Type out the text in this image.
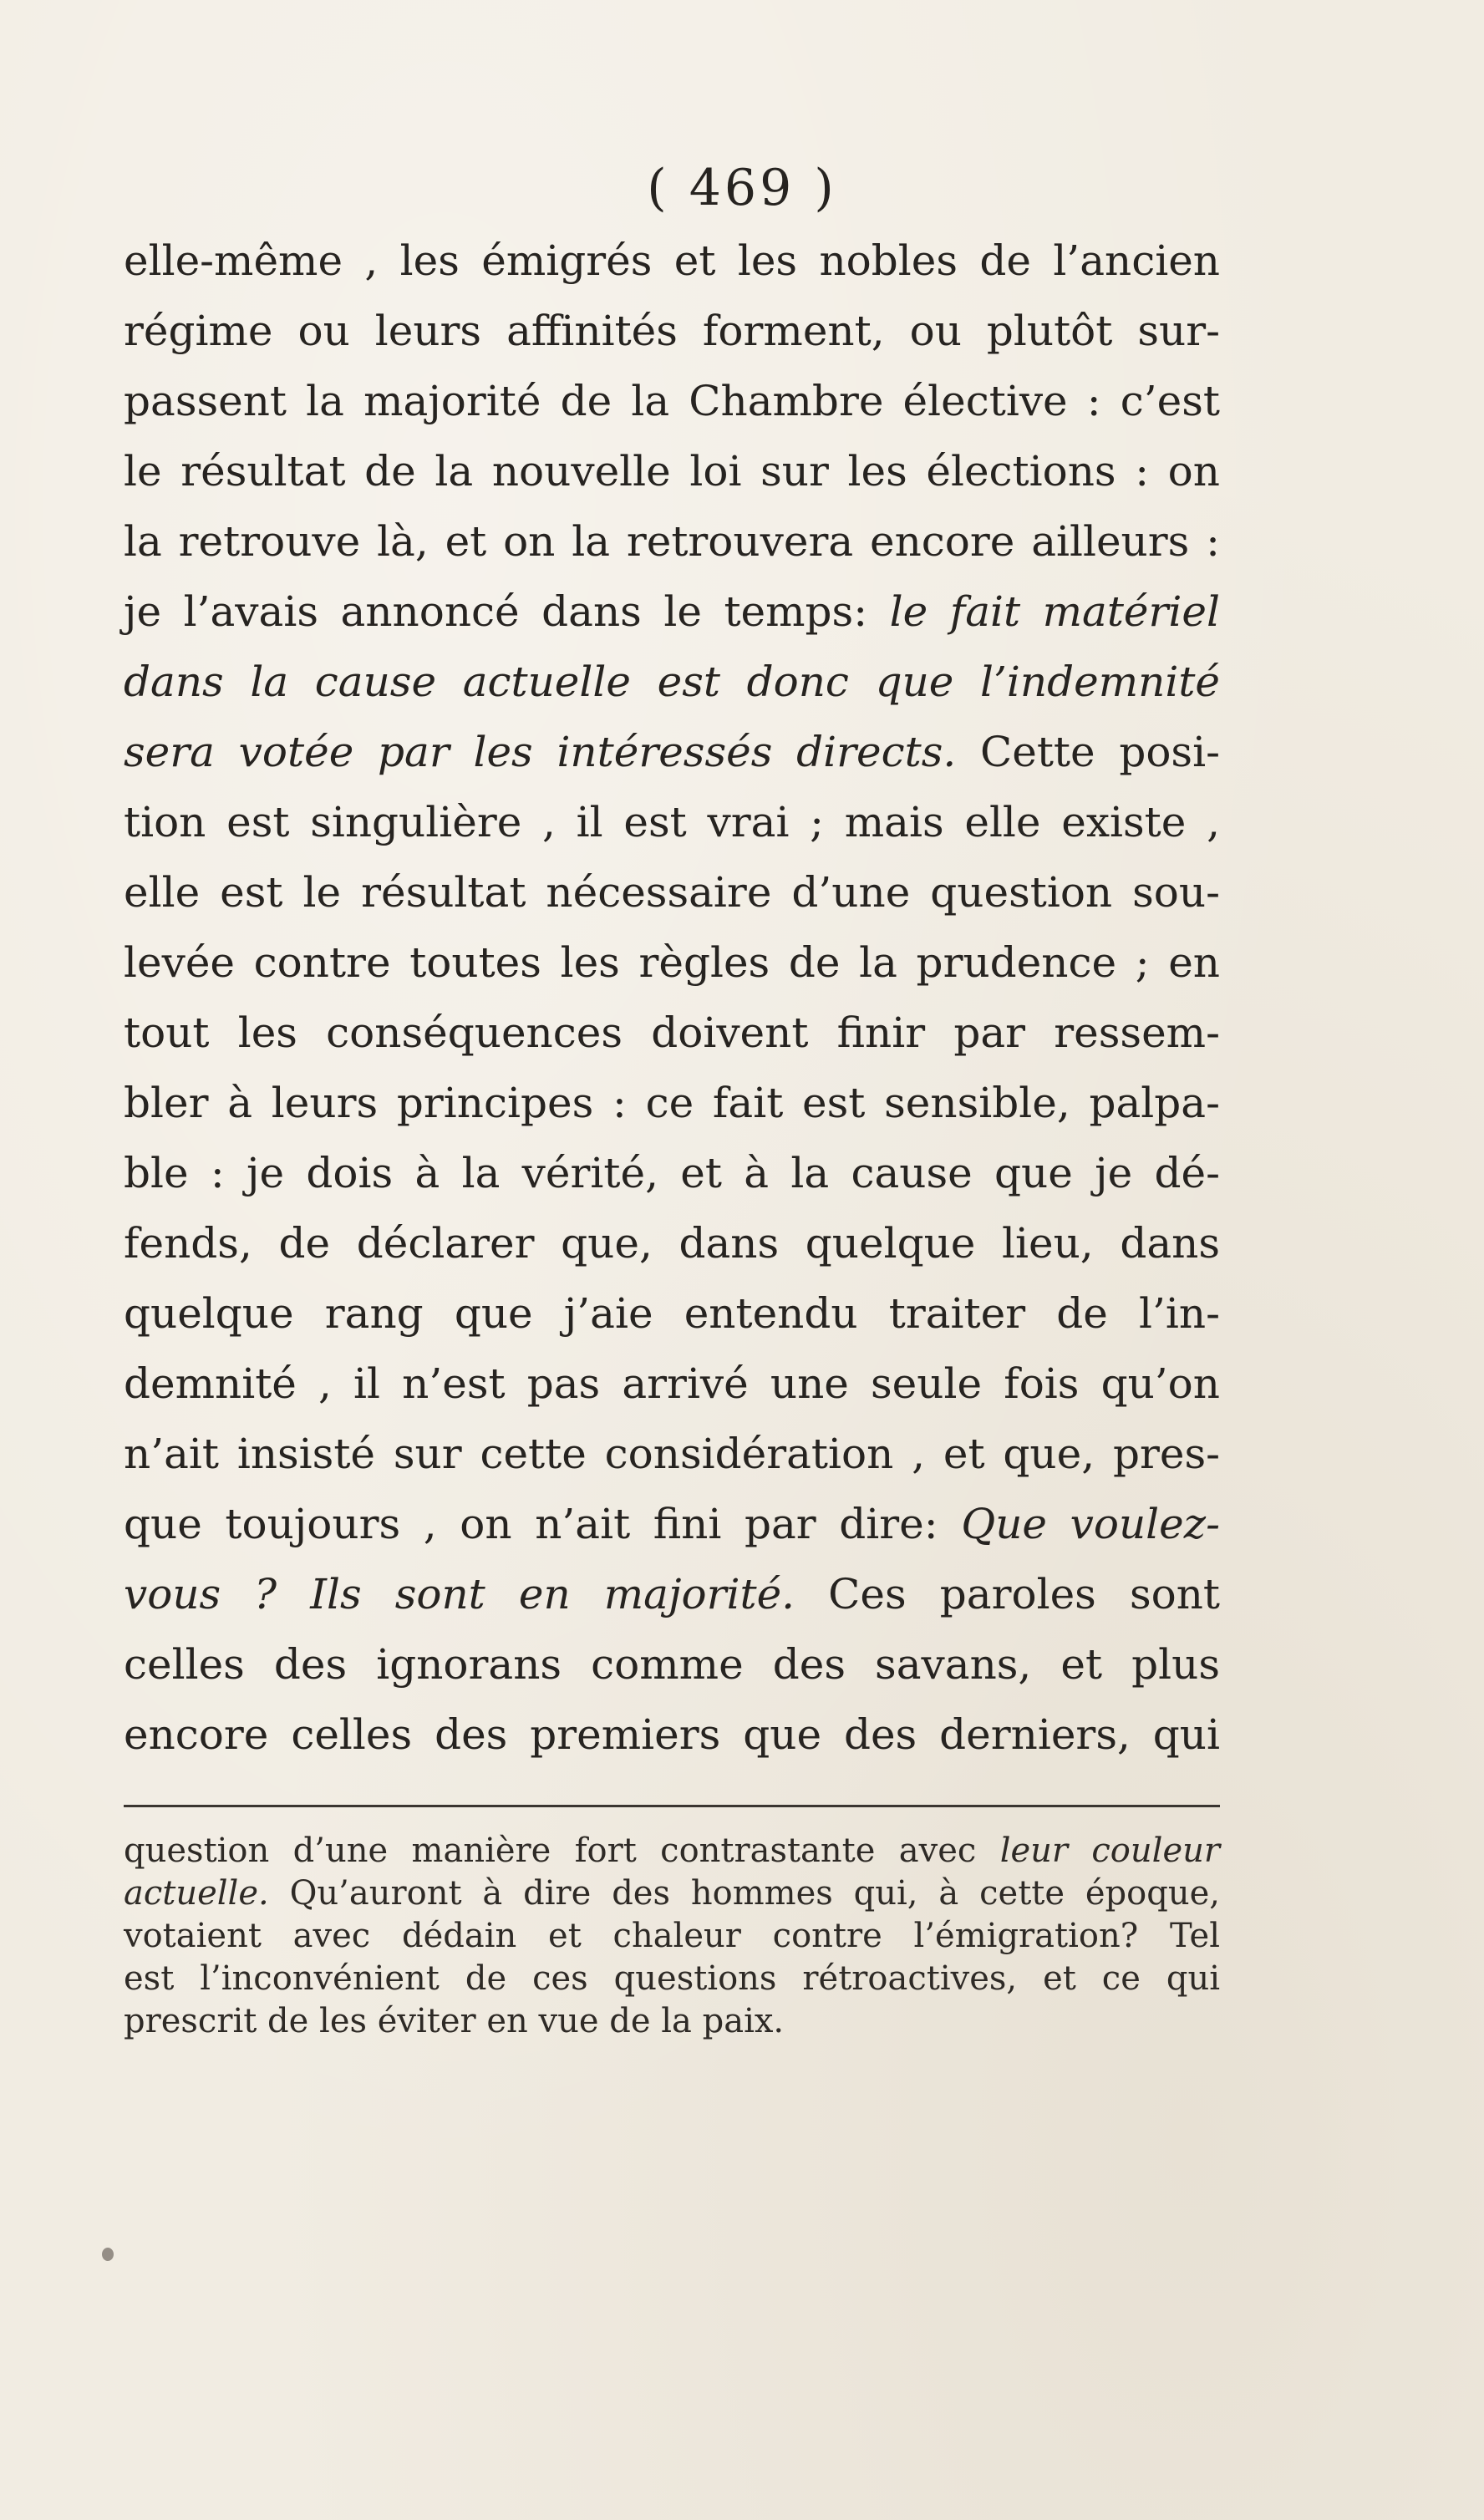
( 469 )
elle-même , les émigrés et les nobles de l’ancien
régime ou leurs affinités forment, ou plutôt sur-
passent la majorité de la Chambre élective : c’est
le résultat de la nouvelle loi sur les élections : on
la retrouve là, et on la retrouvera encore ailleurs :
je l’avais annoncé dans le temps: le fait matériel
dans la cause actuelle est donc que l’indemnité
sera votée par les intéressés directs. Cette posi-
tion est singulière , il est vrai ; mais elle existe ,
elle est le résultat nécessaire d’une question sou-
levée contre toutes les règles de la prudence ; en
tout les conséquences doivent finir par ressem-
bler à leurs principes : ce fait est sensible, palpa-
ble : je dois à la vérité, et à la cause que je dé-
fends, de déclarer que, dans quelque lieu, dans
quelque rang que j’aie entendu traiter de l’in-
demnité , il n’est pas arrivé une seule fois qu’on
n’ait insisté sur cette considération , et que, pres-
que toujours , on n’ait fini par dire: Que voulez-
vous ? Ils sont en majorité. Ces paroles sont
celles des ignorans comme des savans, et plus
encore celles des premiers que des derniers, qui
question d’une manière fort contrastante avec leur couleur
actuelle. Qu’auront à dire des hommes qui, à cette époque,
votaient avec dédain et chaleur contre l’émigration? Tel
est l’inconvénient de ces questions rétroactives, et ce qui
prescrit de les éviter en vue de la paix.
